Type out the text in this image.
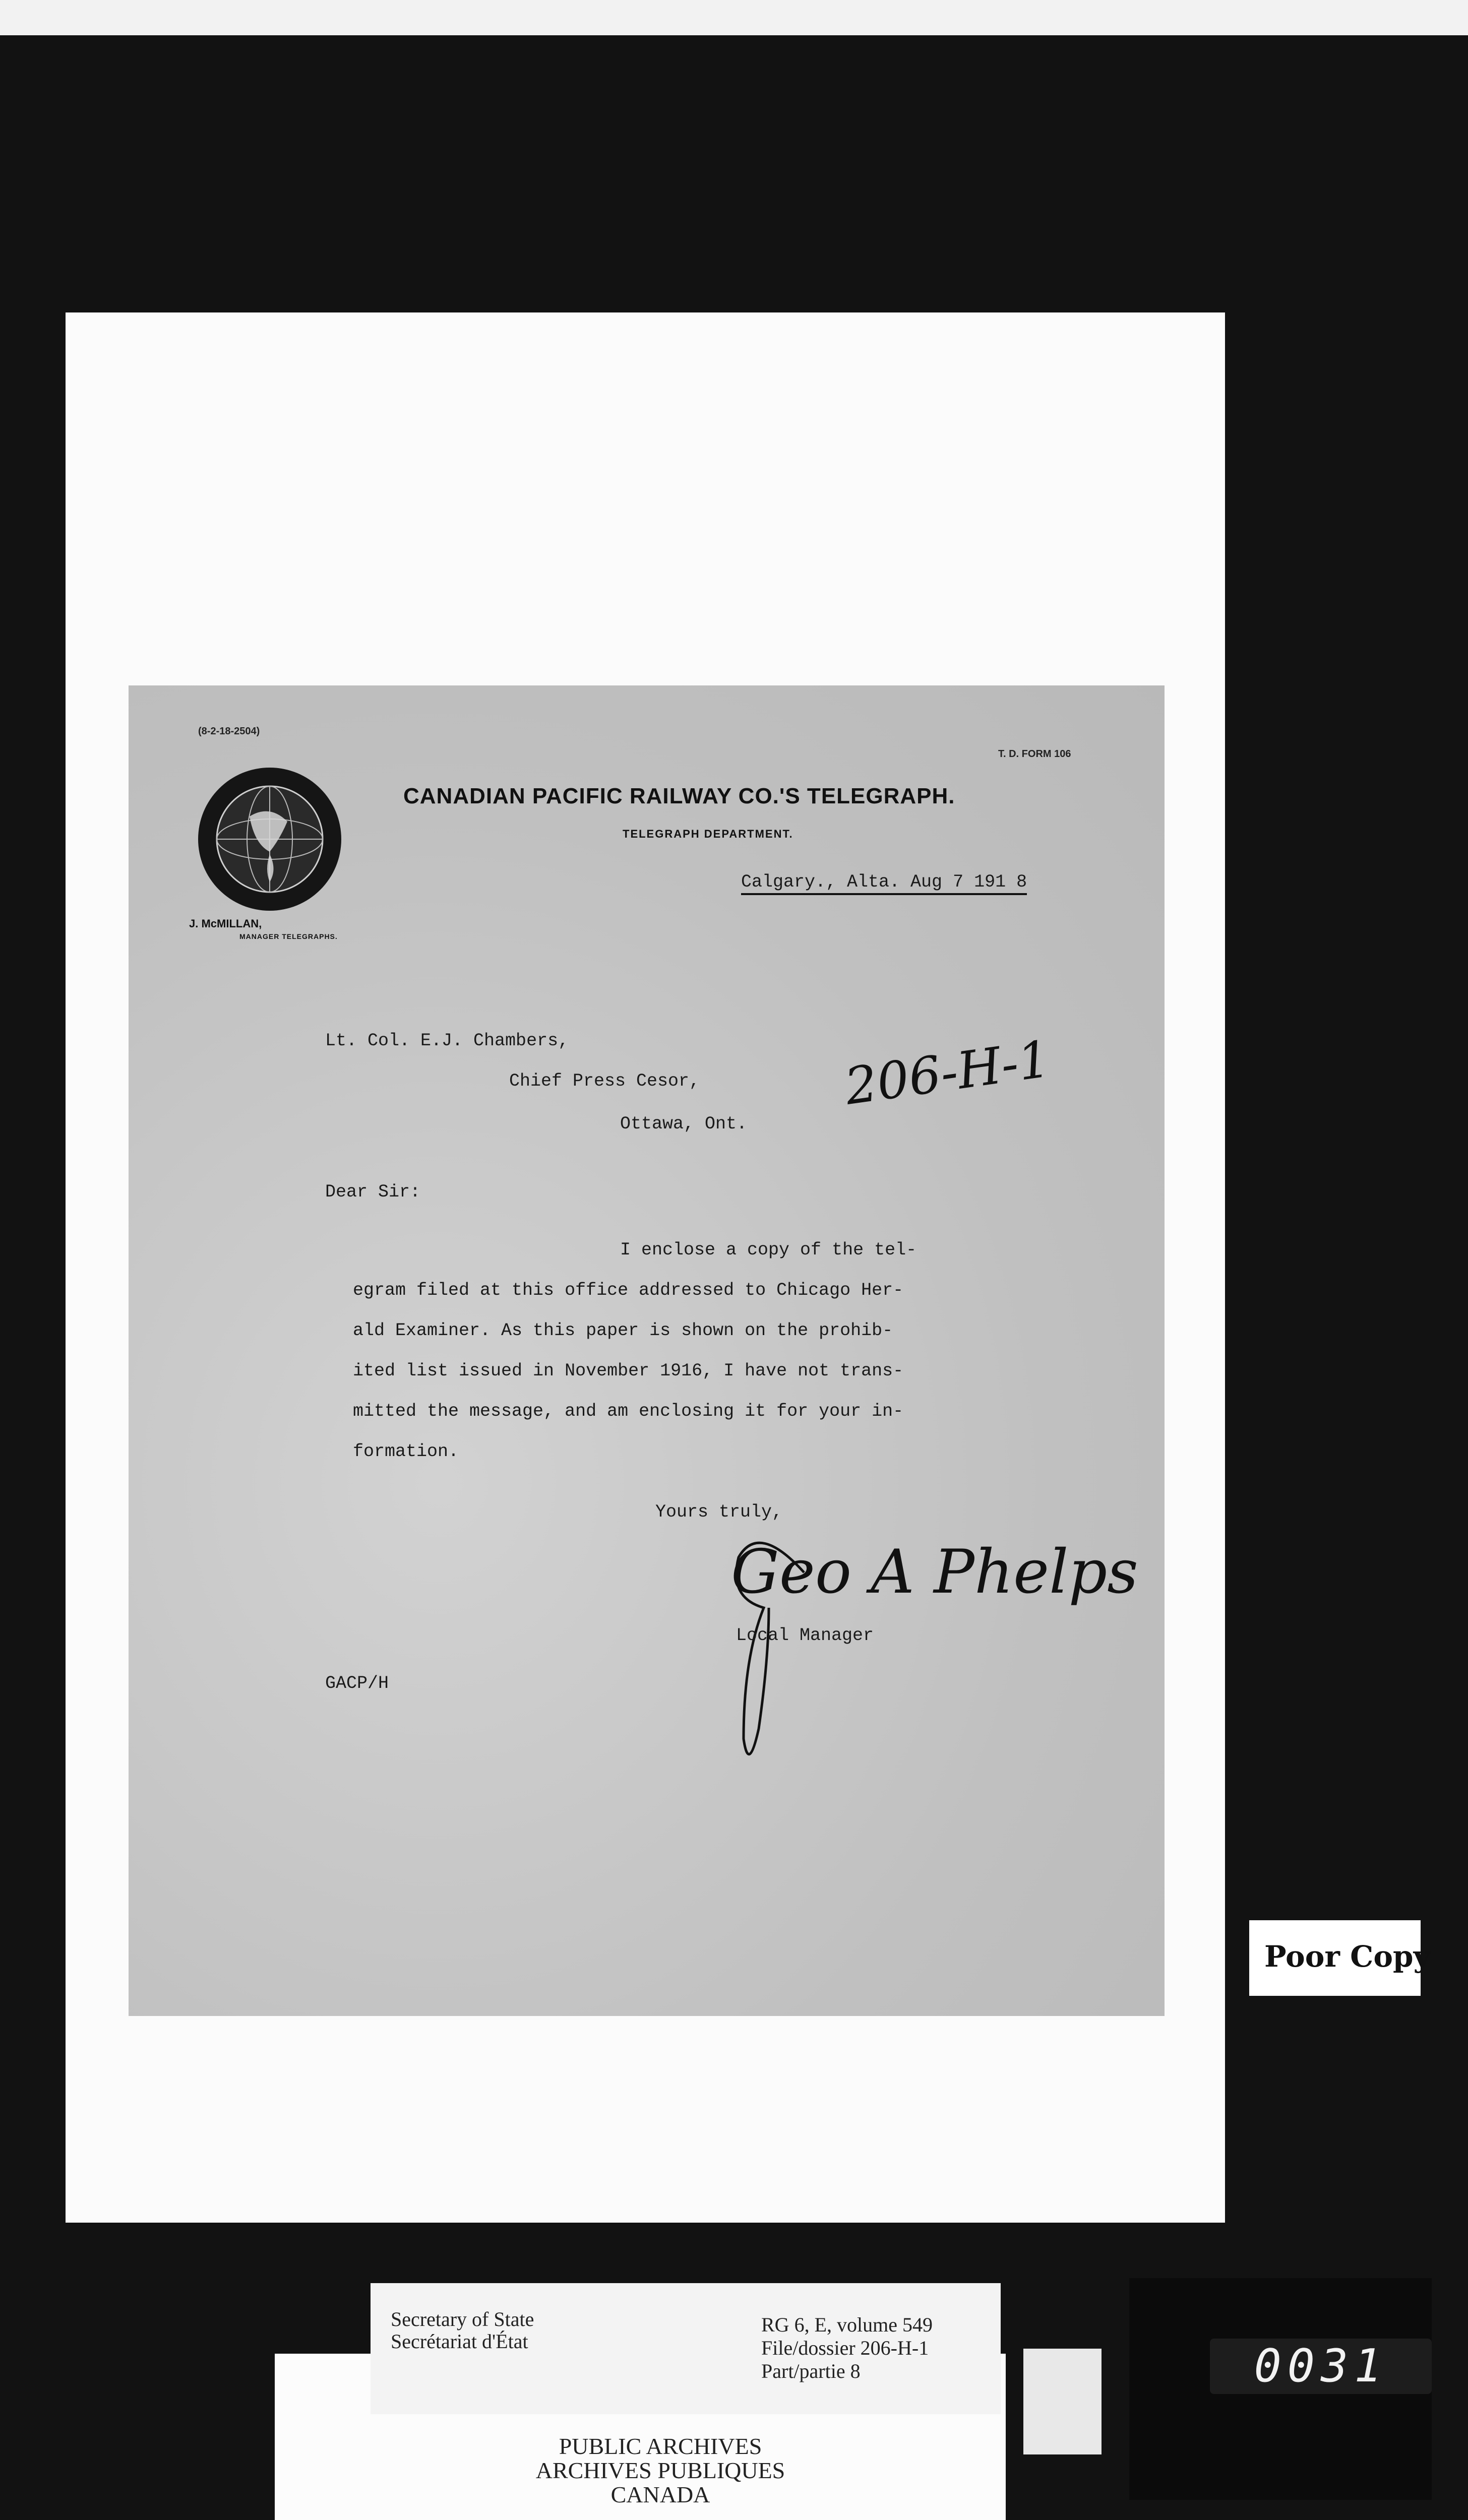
(8-2-18-2504)
T. D. FORM 106
CANADIAN PACIFIC RAILWAY CO.'S TELEGRAPH.
TELEGRAPH DEPARTMENT.
J. McMILLAN,
MANAGER TELEGRAPHS.
Calgary., Alta. Aug 7 191 8
Lt. Col. E.J. Chambers,
Chief Press Cesor,
Ottawa, Ont.
206-H-1
Dear Sir:
I enclose a copy of the tel-
egram filed at this office addressed to Chicago Her-
ald Examiner. As this paper is shown on the prohib-
ited list issued in November 1916, I have not trans-
mitted the message, and am enclosing it for your in-
formation.
Yours truly,
Geo A Phelps
Local Manager
GACP/H
Poor Copy
PUBLIC ARCHIVES
ARCHIVES PUBLIQUES
CANADA
Secretary of State
Secrétariat d'État
RG 6, E, volume 549
File/dossier 206-H-1
Part/partie 8	0031
